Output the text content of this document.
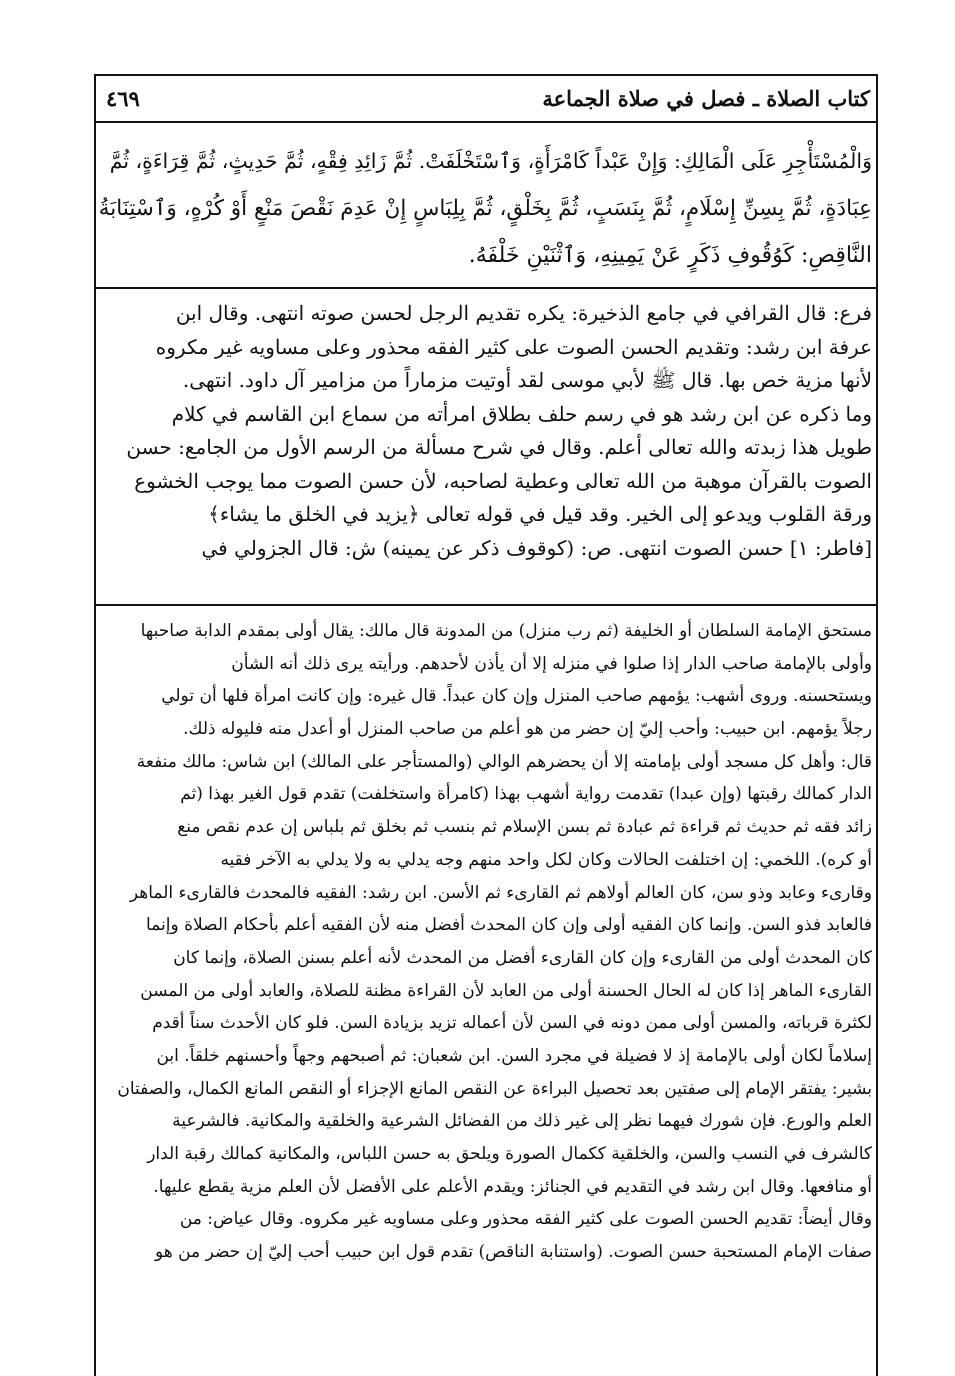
كتاب الصلاة ـ فصل في صلاة الجماعة
٤٦٩
وَالْمُسْتَأْجِرِ عَلَى الْمَالِكِ: وَإِنْ عَبْداً كَامْرَأَةٍ، وَٱسْتَخْلَفَتْ. ثُمَّ زَائِدِ فِقْهٍ، ثُمَّ حَدِيثٍ، ثُمَّ قِرَاءَةٍ، ثُمَّ
عِبَادَةٍ، ثُمَّ بِسِنِّ إِسْلَامٍ، ثُمَّ بِنَسَبٍ، ثُمَّ بِخَلْقٍ، ثُمَّ بِلِبَاسٍ إِنْ عَدِمَ نَقْصَ مَنْعٍ أَوْ كُرْهٍ، وَٱسْتِنَابَةُ
النَّاقِصِ: كَوُقُوفِ ذَكَرٍ عَنْ يَمِينِهِ، وَٱثْنَيْنِ خَلْفَهُ.
فرع: قال القرافي في جامع الذخيرة: يكره تقديم الرجل لحسن صوته انتهى. وقال ابن
عرفة ابن رشد: وتقديم الحسن الصوت على كثير الفقه محذور وعلى مساويه غير مكروه
لأنها مزية خص بها. قال ﷺ لأبي موسى لقد أوتيت مزماراً من مزامير آل داود. انتهى.
وما ذكره عن ابن رشد هو في رسم حلف بطلاق امرأته من سماع ابن القاسم في كلام
طويل هذا زبدته والله تعالى أعلم. وقال في شرح مسألة من الرسم الأول من الجامع: حسن
الصوت بالقرآن موهبة من الله تعالى وعطية لصاحبه، لأن حسن الصوت مما يوجب الخشوع
ورقة القلوب ويدعو إلى الخير. وقد قيل في قوله تعالى ﴿يزيد في الخلق ما يشاء﴾
[فاطر: ١] حسن الصوت انتهى. ص: (كوقوف ذكر عن يمينه) ش: قال الجزولي في
مستحق الإمامة السلطان أو الخليفة (ثم رب منزل) من المدونة قال مالك: يقال أولى بمقدم الدابة صاحبها
وأولى بالإمامة صاحب الدار إذا صلوا في منزله إلا أن يأذن لأحدهم. ورأيته يرى ذلك أنه الشأن
ويستحسنه. وروى أشهب: يؤمهم صاحب المنزل وإن كان عبداً. قال غيره: وإن كانت امرأة فلها أن تولي
رجلاً يؤمهم. ابن حبيب: وأحب إليّ إن حضر من هو أعلم من صاحب المنزل أو أعدل منه فليوله ذلك.
قال: وأهل كل مسجد أولى بإمامته إلا أن يحضرهم الوالي (والمستأجر على المالك) ابن شاس: مالك منفعة
الدار كمالك رقبتها (وإن عبدا) تقدمت رواية أشهب بهذا (كامرأة واستخلفت) تقدم قول الغير بهذا (ثم
زائد فقه ثم حديث ثم قراءة ثم عبادة ثم بسن الإسلام ثم بنسب ثم بخلق ثم بلباس إن عدم نقص منع
أو كره). اللخمي: إن اختلفت الحالات وكان لكل واحد منهم وجه يدلي به ولا يدلي به الآخر فقيه
وقارىء وعابد وذو سن، كان العالم أولاهم ثم القارىء ثم الأسن. ابن رشد: الفقيه فالمحدث فالقارىء الماهر
فالعابد فذو السن. وإنما كان الفقيه أولى وإن كان المحدث أفضل منه لأن الفقيه أعلم بأحكام الصلاة وإنما
كان المحدث أولى من القارىء وإن كان القارىء أفضل من المحدث لأنه أعلم بسنن الصلاة، وإنما كان
القارىء الماهر إذا كان له الحال الحسنة أولى من العابد لأن القراءة مظنة للصلاة، والعابد أولى من المسن
لكثرة قرباته، والمسن أولى ممن دونه في السن لأن أعماله تزيد بزيادة السن. فلو كان الأحدث سناً أقدم
إسلاماً لكان أولى بالإمامة إذ لا فضيلة في مجرد السن. ابن شعبان: ثم أصبحهم وجهاً وأحسنهم خلقاً. ابن
بشير: يفتقر الإمام إلى صفتين بعد تحصيل البراءة عن النقص المانع الإجزاء أو النقص المانع الكمال، والصفتان
العلم والورع. فإن شورك فيهما نظر إلى غير ذلك من الفضائل الشرعية والخلقية والمكانية. فالشرعية
كالشرف في النسب والسن، والخلقية ككمال الصورة ويلحق به حسن اللباس، والمكانية كمالك رقبة الدار
أو منافعها. وقال ابن رشد في التقديم في الجنائز: ويقدم الأعلم على الأفضل لأن العلم مزية يقطع عليها.
وقال أيضاً: تقديم الحسن الصوت على كثير الفقه محذور وعلى مساويه غير مكروه. وقال عياض: من
صفات الإمام المستحبة حسن الصوت. (واستنابة الناقص) تقدم قول ابن حبيب أحب إليّ إن حضر من هو
